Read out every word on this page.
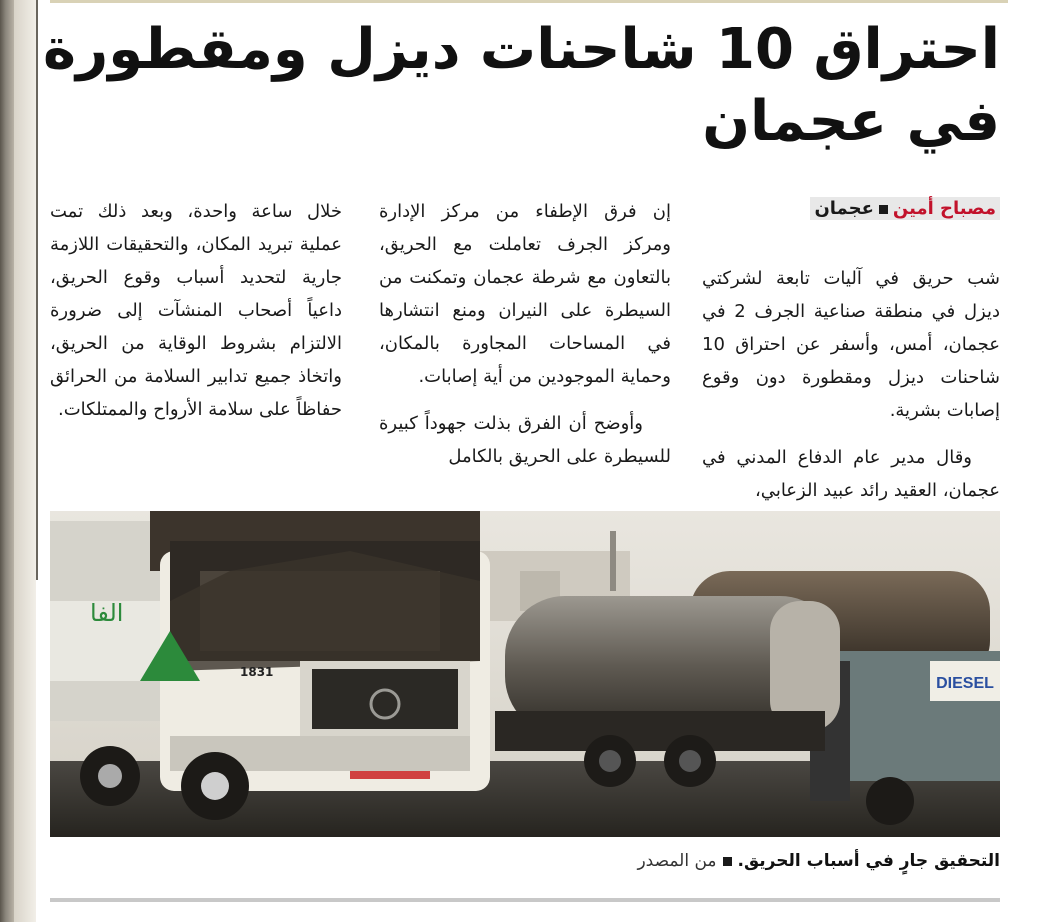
احتراق 10 شاحنات ديزل ومقطورة
في عجمان
مصباح أمينعجمان

شب حريق في آليات تابعة لشركتي ديزل في منطقة صناعية الجرف 2 في عجمان، أمس، وأسفر عن احتراق 10 شاحنات ديزل ومقطورة دون وقوع إصابات بشرية.

وقال مدير عام الدفاع المدني في عجمان، العقيد رائد عبيد الزعابي،

إن فرق الإطفاء من مركز الإدارة ومركز الجرف تعاملت مع الحريق، بالتعاون مع شرطة عجمان وتمكنت من السيطرة على النيران ومنع انتشارها في المساحات المجاورة بالمكان، وحماية الموجودين من أية إصابات.

وأوضح أن الفرق بذلت جهوداً كبيرة للسيطرة على الحريق بالكامل

خلال ساعة واحدة، وبعد ذلك تمت عملية تبريد المكان، والتحقيقات اللازمة جارية لتحديد أسباب وقوع الحريق، داعياً أصحاب المنشآت إلى ضرورة الالتزام بشروط الوقاية من الحريق، واتخاذ جميع تدابير السلامة من الحرائق حفاظاً على سلامة الأرواح والممتلكات.

DIESEL
الفا
1831
التحقيق جارٍ في أسباب الحريق.من المصدر
